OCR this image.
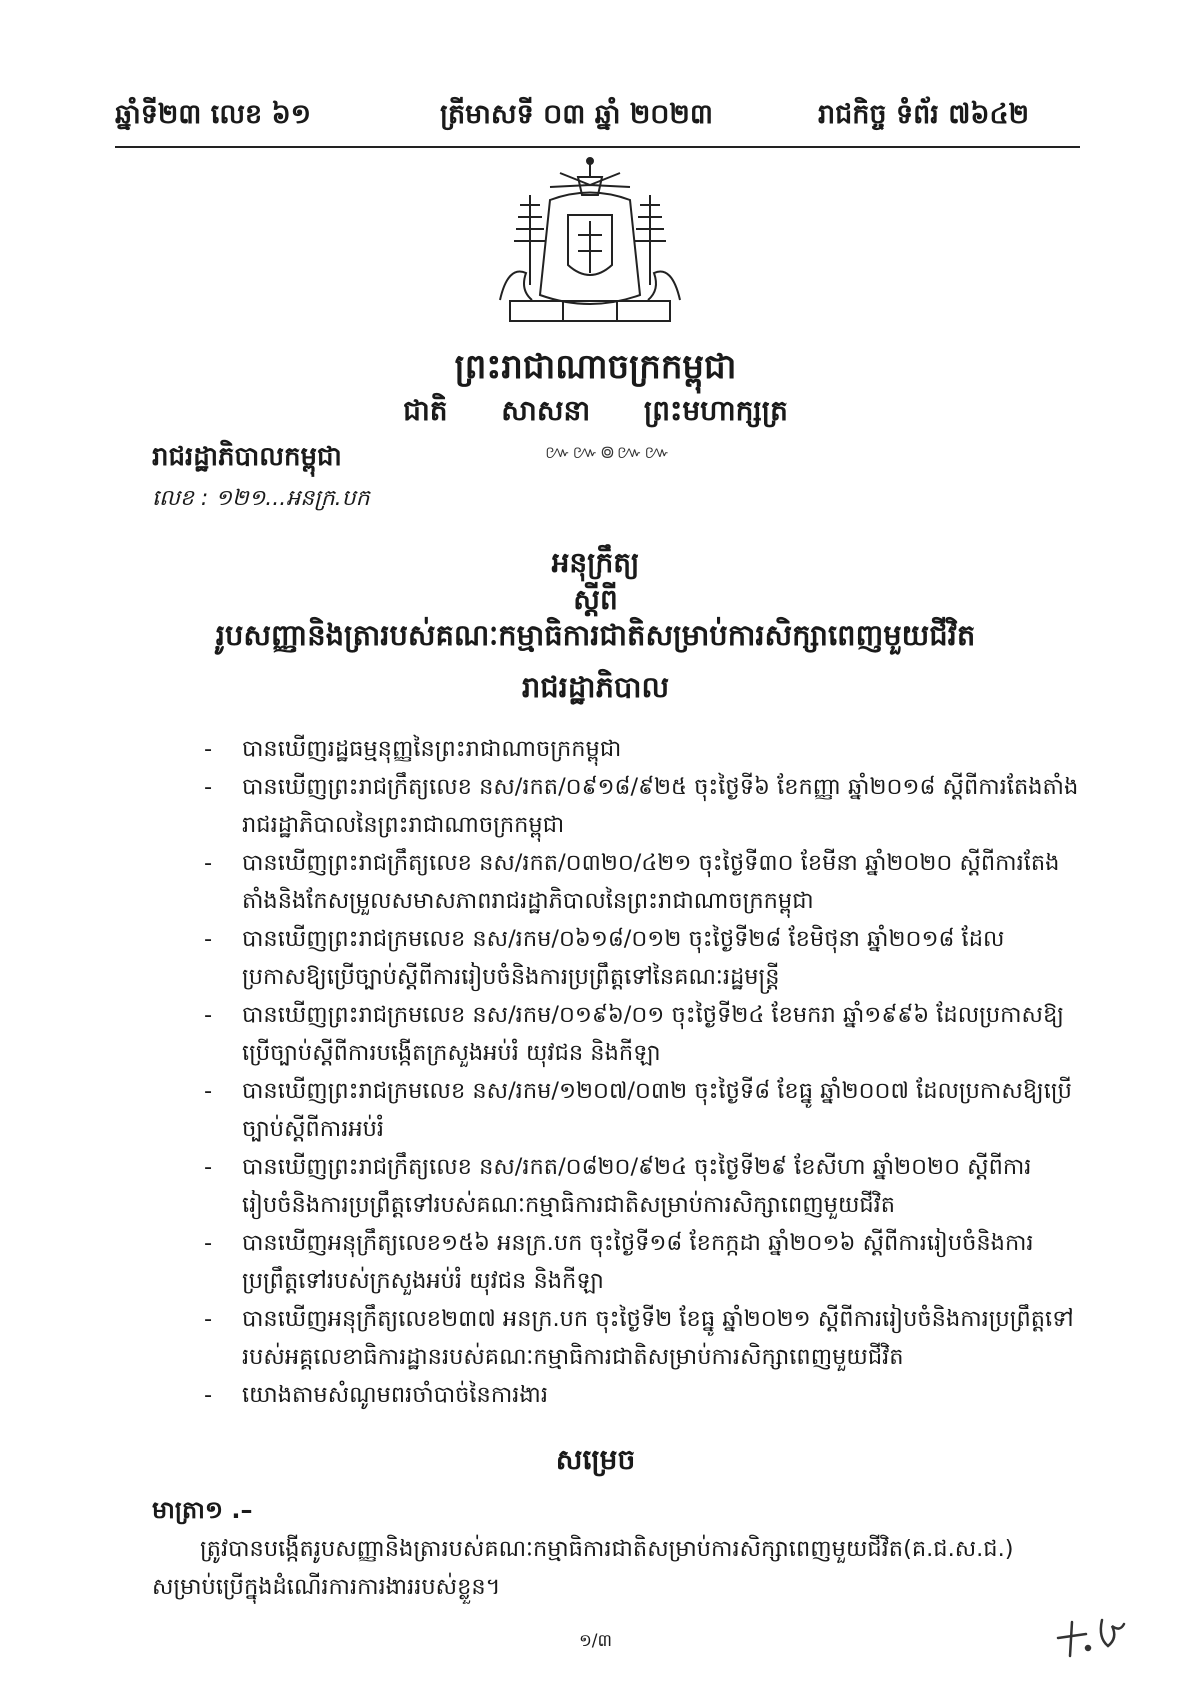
ឆ្នាំទី២៣ លេខ ៦១	ត្រីមាសទី ០៣ ឆ្នាំ ២០២៣	រាជកិច្ច ទំព័រ ៧៦៤២
ព្រះរាជាណាចក្រកម្ពុជា
ជាតិ សាសនា ព្រះមហាក្សត្រ
៚៚៙៚៚
រាជរដ្ឋាភិបាលកម្ពុជា
លេខ : ១២១...អនក្រ.បក
អនុក្រឹត្យ
ស្តីពី
រូបសញ្ញានិងត្រារបស់គណៈកម្មាធិការជាតិសម្រាប់ការសិក្សាពេញមួយជីវិត
រាជរដ្ឋាភិបាល
- បានឃើញរដ្ឋធម្មនុញ្ញនៃព្រះរាជាណាចក្រកម្ពុជា
- បានឃើញព្រះរាជក្រឹត្យលេខ នស/រកត/០៩១៨/៩២៥ ចុះថ្ងៃទី៦ ខែកញ្ញា ឆ្នាំ២០១៨ ស្តីពីការតែងតាំងរាជរដ្ឋាភិបាលនៃព្រះរាជាណាចក្រកម្ពុជា
- បានឃើញព្រះរាជក្រឹត្យលេខ នស/រកត/០៣២០/៤២១ ចុះថ្ងៃទី៣០ ខែមីនា ឆ្នាំ២០២០ ស្តីពីការតែងតាំងនិងកែសម្រួលសមាសភាពរាជរដ្ឋាភិបាលនៃព្រះរាជាណាចក្រកម្ពុជា
- បានឃើញព្រះរាជក្រមលេខ នស/រកម/០៦១៨/០១២ ចុះថ្ងៃទី២៨ ខែមិថុនា ឆ្នាំ២០១៨ ដែលប្រកាសឱ្យប្រើច្បាប់ស្តីពីការរៀបចំនិងការប្រព្រឹត្តទៅនៃគណៈរដ្ឋមន្ត្រី
- បានឃើញព្រះរាជក្រមលេខ នស/រកម/០១៩៦/០១ ចុះថ្ងៃទី២៤ ខែមករា ឆ្នាំ១៩៩៦ ដែលប្រកាសឱ្យប្រើច្បាប់ស្តីពីការបង្កើតក្រសួងអប់រំ យុវជន និងកីឡា
- បានឃើញព្រះរាជក្រមលេខ នស/រកម/១២០៧/០៣២ ចុះថ្ងៃទី៨ ខែធ្នូ ឆ្នាំ២០០៧ ដែលប្រកាសឱ្យប្រើច្បាប់ស្តីពីការអប់រំ
- បានឃើញព្រះរាជក្រឹត្យលេខ នស/រកត/០៨២០/៩២៤ ចុះថ្ងៃទី២៩ ខែសីហា ឆ្នាំ២០២០ ស្តីពីការរៀបចំនិងការប្រព្រឹត្តទៅរបស់គណៈកម្មាធិការជាតិសម្រាប់ការសិក្សាពេញមួយជីវិត
- បានឃើញអនុក្រឹត្យលេខ១៥៦ អនក្រ.បក ចុះថ្ងៃទី១៨ ខែកក្កដា ឆ្នាំ២០១៦ ស្តីពីការរៀបចំនិងការប្រព្រឹត្តទៅរបស់ក្រសួងអប់រំ យុវជន និងកីឡា
- បានឃើញអនុក្រឹត្យលេខ២៣៧ អនក្រ.បក ចុះថ្ងៃទី២ ខែធ្នូ ឆ្នាំ២០២១ ស្តីពីការរៀបចំនិងការប្រព្រឹត្តទៅរបស់អគ្គលេខាធិការដ្ឋានរបស់គណៈកម្មាធិការជាតិសម្រាប់ការសិក្សាពេញមួយជីវិត
- យោងតាមសំណូមពរចាំបាច់នៃការងារ
សម្រេច
មាត្រា១ .–
ត្រូវបានបង្កើតរូបសញ្ញានិងត្រារបស់គណៈកម្មាធិការជាតិសម្រាប់ការសិក្សាពេញមួយជីវិត(គ.ជ.ស.ជ.) សម្រាប់ប្រើក្នុងដំណើរការការងាររបស់ខ្លួន។
១/៣
